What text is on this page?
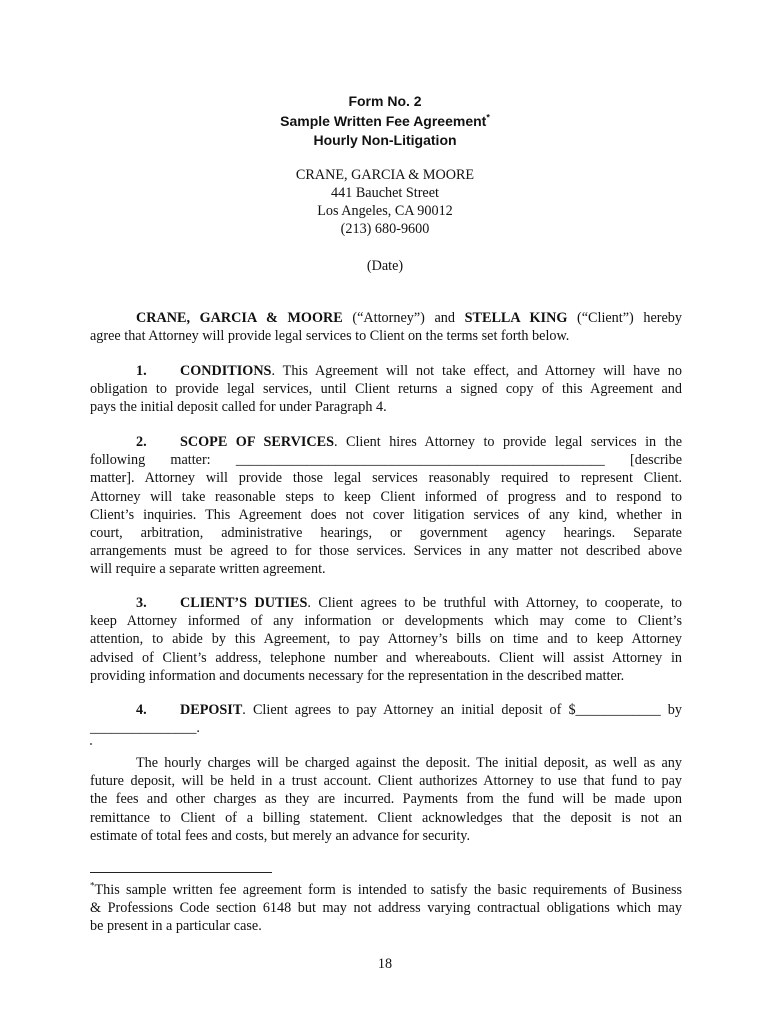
Form No. 2
Sample Written Fee Agreement*
Hourly Non-Litigation
CRANE, GARCIA & MOORE
441 Bauchet Street
Los Angeles, CA 90012
(213) 680-9600
(Date)
CRANE, GARCIA & MOORE (“Attorney”) and STELLA KING (“Client”) hereby
agree that Attorney will provide legal services to Client on the terms set forth below.
1. CONDITIONS. This Agreement will not take effect, and Attorney will have no
obligation to provide legal services, until Client returns a signed copy of this Agreement and
pays the initial deposit called for under Paragraph 4.
2. SCOPE OF SERVICES. Client hires Attorney to provide legal services in the
following matter: ____________________________________________________ [describe
matter]. Attorney will provide those legal services reasonably required to represent Client.
Attorney will take reasonable steps to keep Client informed of progress and to respond to
Client’s inquiries. This Agreement does not cover litigation services of any kind, whether in
court, arbitration, administrative hearings, or government agency hearings. Separate
arrangements must be agreed to for those services. Services in any matter not described above
will require a separate written agreement.
3. CLIENT’S DUTIES. Client agrees to be truthful with Attorney, to cooperate, to
keep Attorney informed of any information or developments which may come to Client’s
attention, to abide by this Agreement, to pay Attorney’s bills on time and to keep Attorney
advised of Client’s address, telephone number and whereabouts. Client will assist Attorney in
providing information and documents necessary for the representation in the described matter.
4. DEPOSIT. Client agrees to pay Attorney an initial deposit of $____________ by
_______________.
The hourly charges will be charged against the deposit. The initial deposit, as well as any
future deposit, will be held in a trust account. Client authorizes Attorney to use that fund to pay
the fees and other charges as they are incurred. Payments from the fund will be made upon
remittance to Client of a billing statement. Client acknowledges that the deposit is not an
estimate of total fees and costs, but merely an advance for security.
*This sample written fee agreement form is intended to satisfy the basic requirements of Business
& Professions Code section 6148 but may not address varying contractual obligations which may
be present in a particular case.
18
